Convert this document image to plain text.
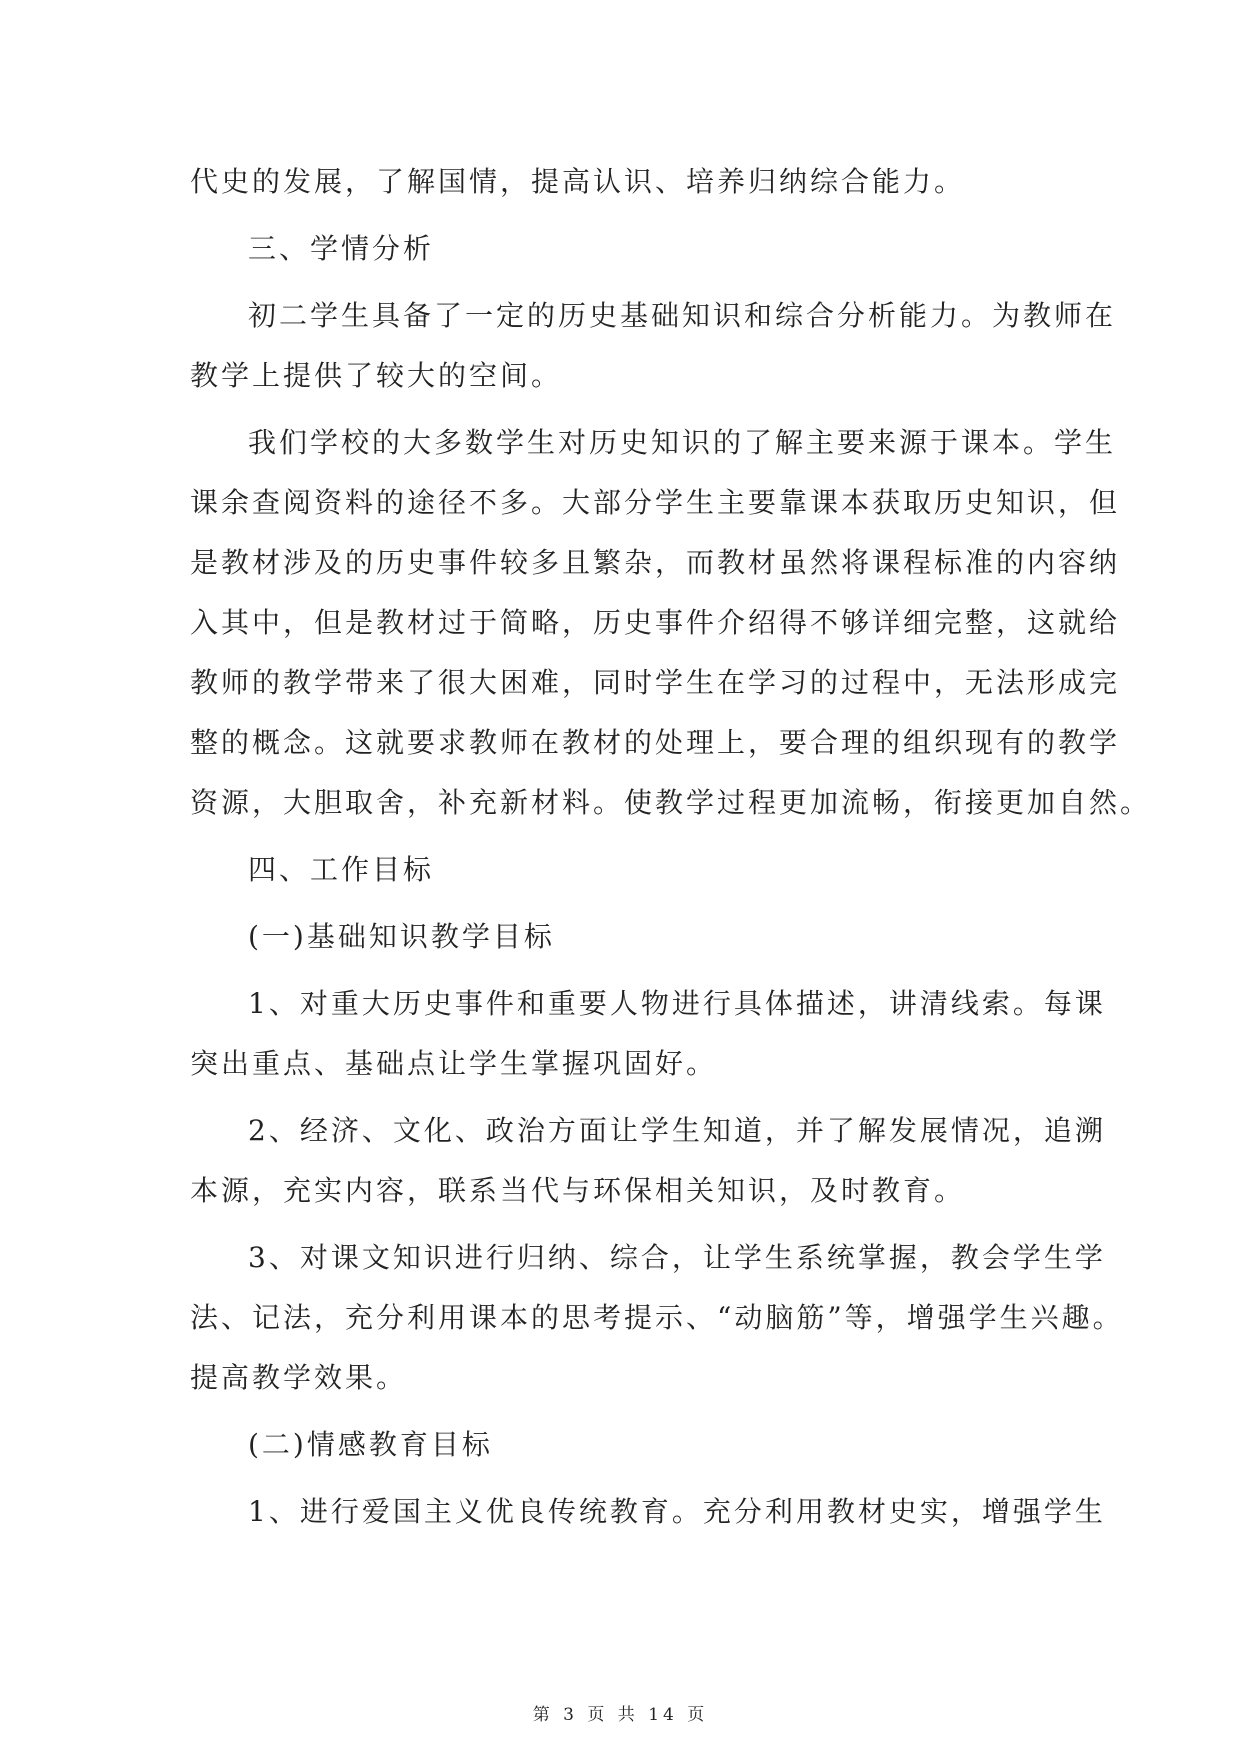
代史的发展，了解国情，提高认识、培养归纳综合能力。

三、学情分析

初二学生具备了一定的历史基础知识和综合分析能力。为教师在

教学上提供了较大的空间。

我们学校的大多数学生对历史知识的了解主要来源于课本。学生

课余查阅资料的途径不多。大部分学生主要靠课本获取历史知识，但

是教材涉及的历史事件较多且繁杂，而教材虽然将课程标准的内容纳

入其中，但是教材过于简略，历史事件介绍得不够详细完整，这就给

教师的教学带来了很大困难，同时学生在学习的过程中，无法形成完

整的概念。这就要求教师在教材的处理上，要合理的组织现有的教学

资源，大胆取舍，补充新材料。使教学过程更加流畅，衔接更加自然。

四、工作目标

(一)基础知识教学目标

1、对重大历史事件和重要人物进行具体描述，讲清线索。每课

突出重点、基础点让学生掌握巩固好。

2、经济、文化、政治方面让学生知道，并了解发展情况，追溯

本源，充实内容，联系当代与环保相关知识，及时教育。

3、对课文知识进行归纳、综合，让学生系统掌握，教会学生学

法、记法，充分利用课本的思考提示、“动脑筋”等，增强学生兴趣。

提高教学效果。

(二)情感教育目标

1、进行爱国主义优良传统教育。充分利用教材史实，增强学生

第 3 页 共 14 页
